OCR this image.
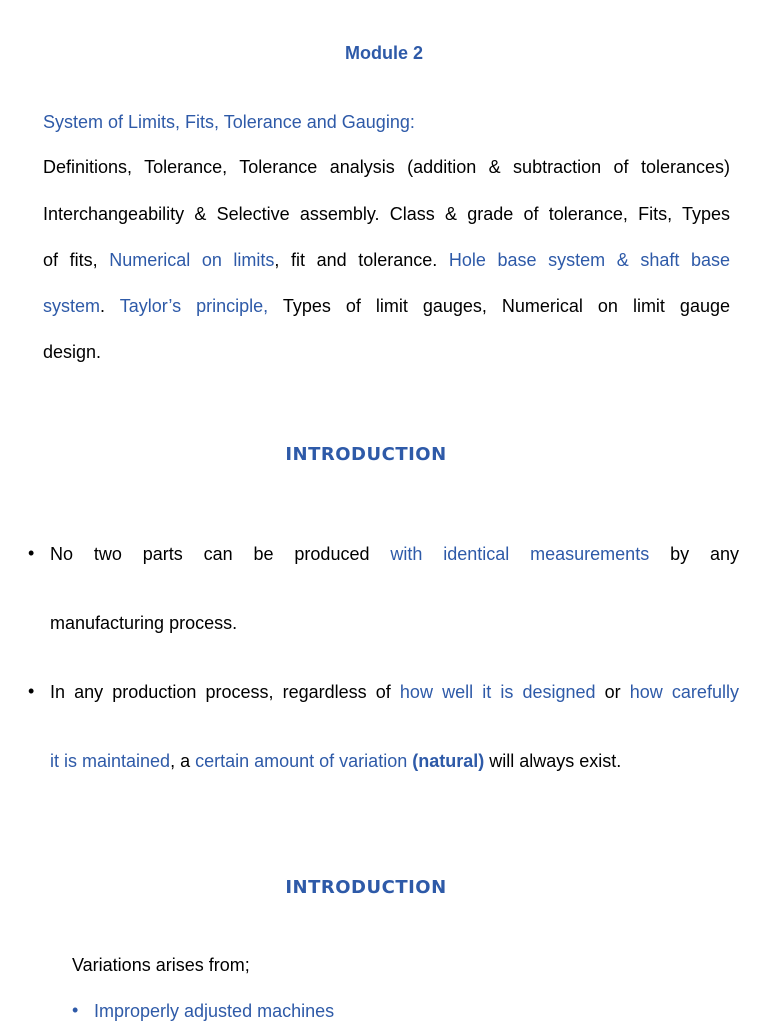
Module 2
System of Limits, Fits, Tolerance and Gauging:
Definitions, Tolerance, Tolerance analysis (addition & subtraction of tolerances)
Interchangeability & Selective assembly. Class & grade of tolerance, Fits, Types
of fits, Numerical on limits, fit and tolerance. Hole base system & shaft base
system. Taylor’s principle, Types of limit gauges, Numerical on limit gauge
design.
INTRODUCTION
• No two parts can be produced with identical measurements by any
manufacturing process.
• In any production process, regardless of how well it is designed or how carefully
it is maintained, a certain amount of variation (natural) will always exist.
INTRODUCTION
Variations arises from;
• Improperly adjusted machines
